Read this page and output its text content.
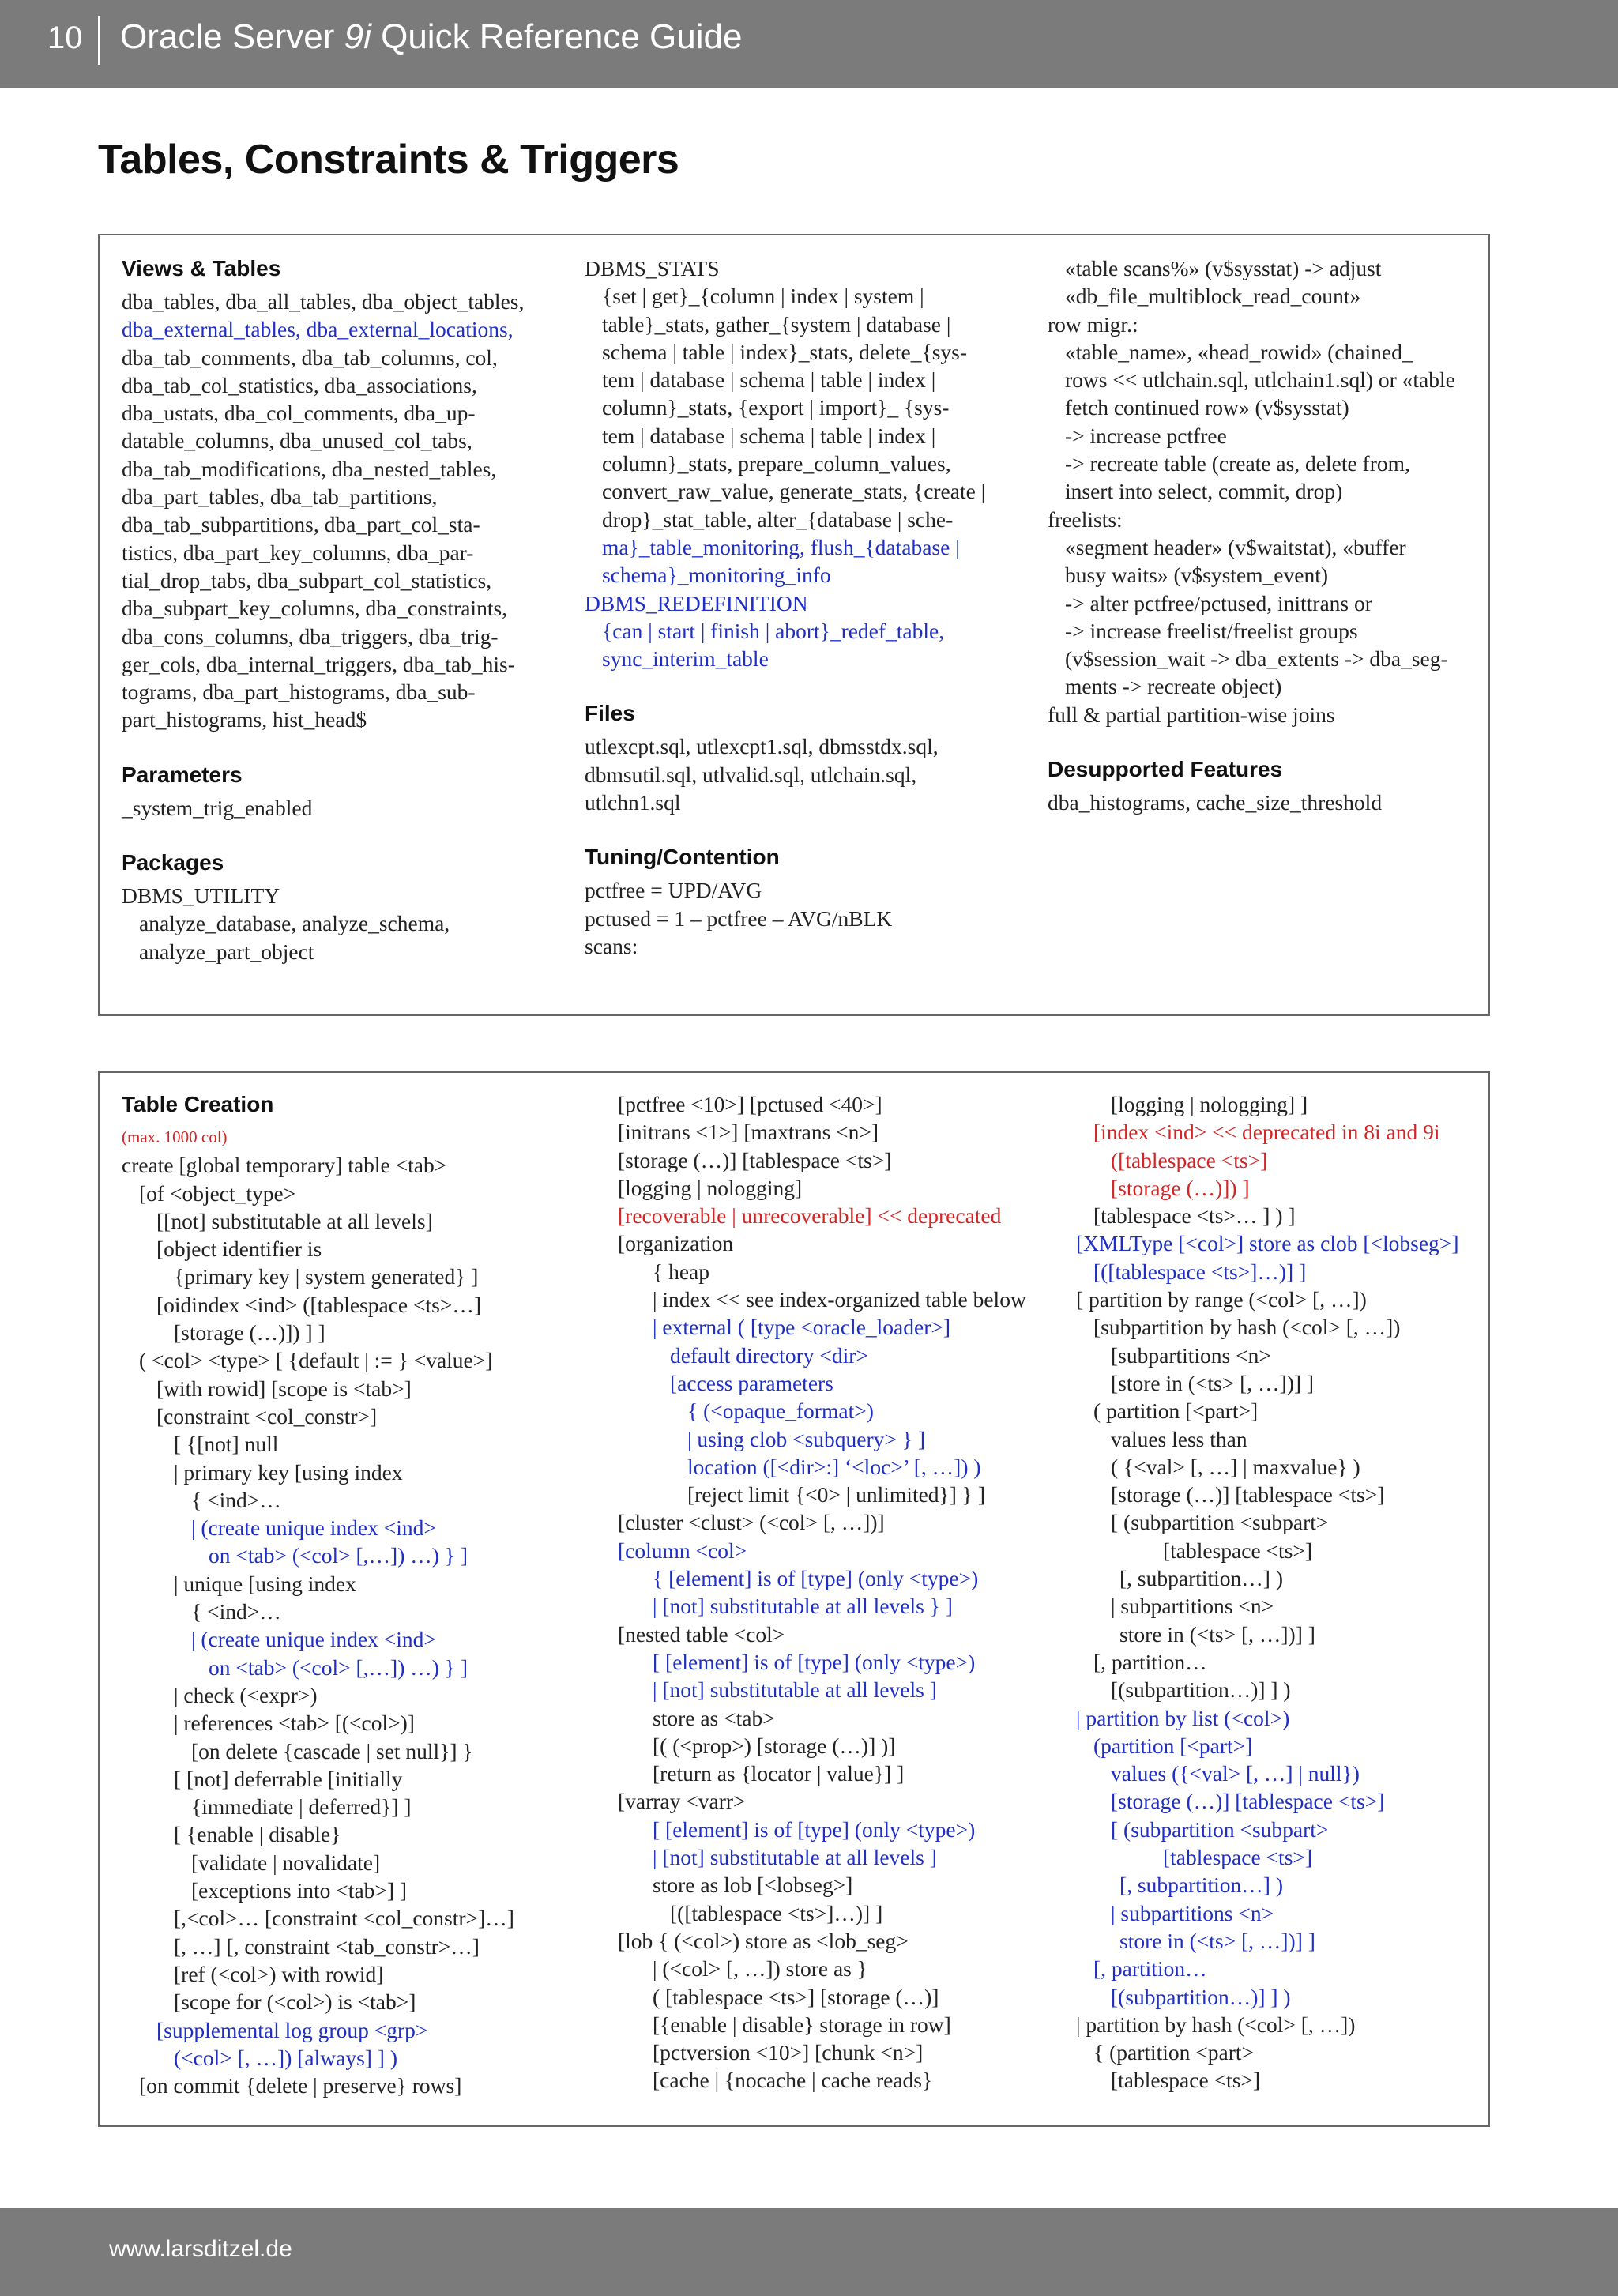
10 Oracle Server 9i Quick Reference Guide
Tables, Constraints & Triggers
Views & Tables
dba_tables, dba_all_tables, dba_object_tables,
dba_external_tables, dba_external_locations,
dba_tab_comments, dba_tab_columns, col,
dba_tab_col_statistics, dba_associations,
dba_ustats, dba_col_comments, dba_up-
datable_columns, dba_unused_col_tabs,
dba_tab_modifications, dba_nested_tables,
dba_part_tables, dba_tab_partitions,
dba_tab_subpartitions, dba_part_col_sta-
tistics, dba_part_key_columns, dba_par-
tial_drop_tabs, dba_subpart_col_statistics,
dba_subpart_key_columns, dba_constraints,
dba_cons_columns, dba_triggers, dba_trig-
ger_cols, dba_internal_triggers, dba_tab_his-
tograms, dba_part_histograms, dba_sub-
part_histograms, hist_head$
Parameters
_system_trig_enabled
Packages
DBMS_UTILITY
analyze_database, analyze_schema,
analyze_part_object
DBMS_STATS
{set | get}_{column | index | system |
table}_stats, gather_{system | database |
schema | table | index}_stats, delete_{sys-
tem | database | schema | table | index |
column}_stats, {export | import}_ {sys-
tem | database | schema | table | index |
column}_stats, prepare_column_values,
convert_raw_value, generate_stats, {create |
drop}_stat_table, alter_{database | sche-
ma}_table_monitoring, flush_{database |
schema}_monitoring_info
DBMS_REDEFINITION
{can | start | finish | abort}_redef_table,
sync_interim_table
Files
utlexcpt.sql, utlexcpt1.sql, dbmsstdx.sql,
dbmsutil.sql, utlvalid.sql, utlchain.sql,
utlchn1.sql
Tuning/Contention
pctfree = UPD/AVG
pctused = 1 – pctfree – AVG/nBLK
scans:
«table scans%» (v$sysstat) -> adjust
«db_file_multiblock_read_count»
row migr.:
«table_name», «head_rowid» (chained_
rows << utlchain.sql, utlchain1.sql) or «table
fetch continued row» (v$sysstat)
-> increase pctfree
-> recreate table (create as, delete from,
insert into select, commit, drop)
freelists:
«segment header» (v$waitstat), «buffer
busy waits» (v$system_event)
-> alter pctfree/pctused, inittrans or
-> increase freelist/freelist groups
(v$session_wait -> dba_extents -> dba_seg-
ments -> recreate object)
full & partial partition-wise joins
Desupported Features
dba_histograms, cache_size_threshold
Table Creation
(max. 1000 col)
create [global temporary] table <tab>
[of <object_type>
[[not] substitutable at all levels]
[object identifier is
{primary key | system generated} ]
[oidindex <ind> ([tablespace <ts>…]
[storage (…)]) ] ]
( <col> <type> [ {default | := } <value>]
[with rowid] [scope is <tab>]
[constraint <col_constr>]
[ {[not] null
| primary key [using index
{ <ind>…
| (create unique index <ind>
on <tab> (<col> [,…]) …) } ]
| unique [using index
{ <ind>…
| (create unique index <ind>
on <tab> (<col> [,…]) …) } ]
| check (<expr>)
| references <tab> [(<col>)]
[on delete {cascade | set null}] }
[ [not] deferrable [initially
{immediate | deferred}] ]
[ {enable | disable}
[validate | novalidate]
[exceptions into <tab>] ]
[,<col>… [constraint <col_constr>]…]
[, …] [, constraint <tab_constr>…]
[ref (<col>) with rowid]
[scope for (<col>) is <tab>]
[supplemental log group <grp>
(<col> [, …]) [always] ] )
[on commit {delete | preserve} rows]
[pctfree <10>] [pctused <40>]
[initrans <1>] [maxtrans <n>]
[storage (…)] [tablespace <ts>]
[logging | nologging]
[recoverable | unrecoverable] << deprecated
[organization
{ heap
| index << see index-organized table below
| external ( [type <oracle_loader>]
default directory <dir>
[access parameters
{ (<opaque_format>)
| using clob <subquery> } ]
location ([<dir>:] ‘<loc>’ [, …]) )
[reject limit {<0> | unlimited}] } ]
[cluster <clust> (<col> [, …])]
[column <col>
{ [element] is of [type] (only <type>)
| [not] substitutable at all levels } ]
[nested table <col>
[ [element] is of [type] (only <type>)
| [not] substitutable at all levels ]
store as <tab>
[( (<prop>) [storage (…)] )]
[return as {locator | value}] ]
[varray <varr>
[ [element] is of [type] (only <type>)
| [not] substitutable at all levels ]
store as lob [<lobseg>]
[([tablespace <ts>]…)] ]
[lob { (<col>) store as <lob_seg>
| (<col> [, …]) store as }
( [tablespace <ts>] [storage (…)]
[{enable | disable} storage in row]
[pctversion <10>] [chunk <n>]
[cache | {nocache | cache reads}
[logging | nologging] ]
[index <ind> << deprecated in 8i and 9i
([tablespace <ts>]
[storage (…)]) ]
[tablespace <ts>… ] ) ]
[XMLType [<col>] store as clob [<lobseg>]
[([tablespace <ts>]…)] ]
[ partition by range (<col> [, …])
[subpartition by hash (<col> [, …])
[subpartitions <n>
[store in (<ts> [, …])] ]
( partition [<part>]
values less than
( {<val> [, …] | maxvalue} )
[storage (…)] [tablespace <ts>]
[ (subpartition <subpart>
[tablespace <ts>]
[, subpartition…] )
| subpartitions <n>
store in (<ts> [, …])] ]
[, partition…
[(subpartition…)] ] )
| partition by list (<col>)
(partition [<part>]
values ({<val> [, …] | null})
[storage (…)] [tablespace <ts>]
[ (subpartition <subpart>
[tablespace <ts>]
[, subpartition…] )
| subpartitions <n>
store in (<ts> [, …])] ]
[, partition…
[(subpartition…)] ] )
| partition by hash (<col> [, …])
{ (partition <part>
[tablespace <ts>]
www.larsditzel.de
